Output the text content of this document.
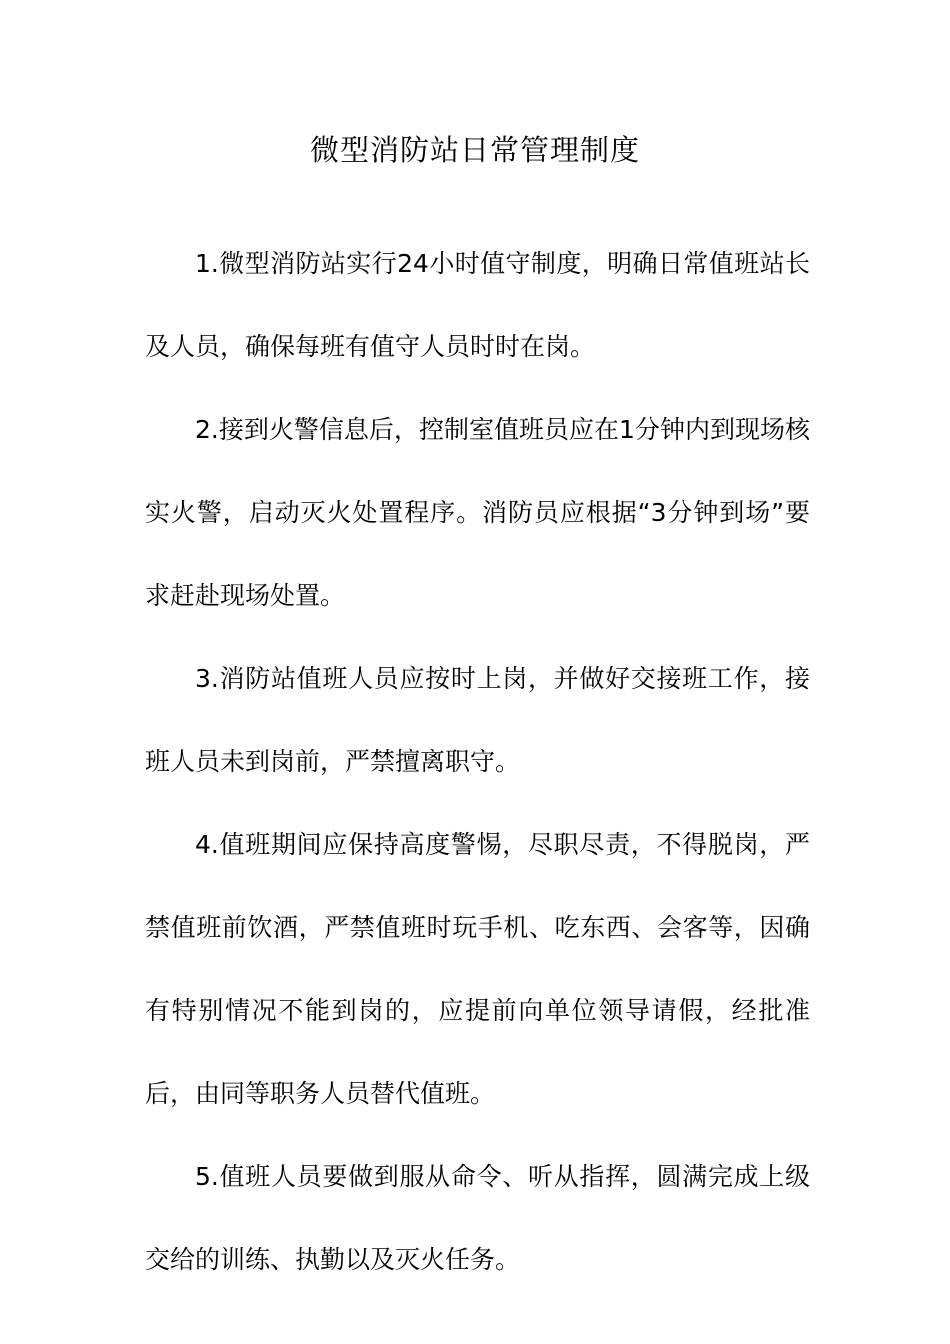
微型消防站日常管理制度

1.微型消防站实行24小时值守制度，明确日常值班站长及人员，确保每班有值守人员时时在岗。

2.接到火警信息后，控制室值班员应在1分钟内到现场核实火警，启动灭火处置程序。消防员应根据“3分钟到场”要求赶赴现场处置。

3.消防站值班人员应按时上岗，并做好交接班工作，接班人员未到岗前，严禁擅离职守。

4.值班期间应保持高度警惕，尽职尽责，不得脱岗，严禁值班前饮酒，严禁值班时玩手机、吃东西、会客等，因确有特别情况不能到岗的，应提前向单位领导请假，经批准后，由同等职务人员替代值班。

5.值班人员要做到服从命令、听从指挥，圆满完成上级交给的训练、执勤以及灭火任务。
